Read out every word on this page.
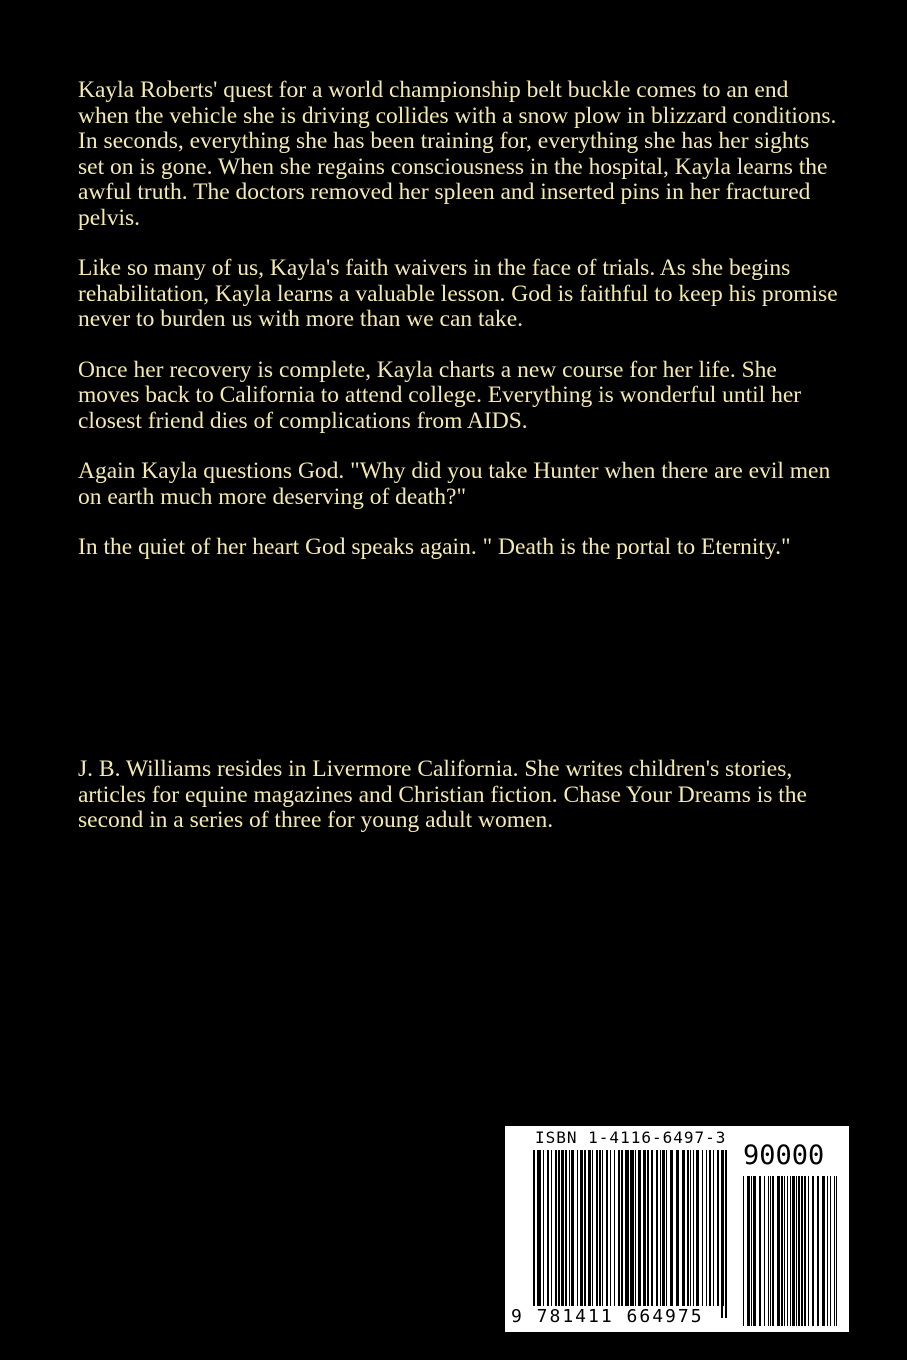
Kayla Roberts' quest for a world championship belt buckle comes to an end when the vehicle she is driving collides with a snow plow in blizzard conditions. In seconds, everything she has been training for, everything she has her sights set on is gone. When she regains consciousness in the hospital, Kayla learns the awful truth. The doctors removed her spleen and inserted pins in her fractured pelvis.

Like so many of us, Kayla's faith waivers in the face of trials. As she begins rehabilitation, Kayla learns a valuable lesson. God is faithful to keep his promise never to burden us with more than we can take.

Once her recovery is complete, Kayla charts a new course for her life. She moves back to California to attend college. Everything is wonderful until her closest friend dies of complications from AIDS.

Again Kayla questions God. "Why did you take Hunter when there are evil men on earth much more deserving of death?"

In the quiet of her heart God speaks again. " Death is the portal to Eternity."

J. B. Williams resides in Livermore California. She writes children's stories, articles for equine magazines and Christian fiction. Chase Your Dreams is the second in a series of three for young adult women.

ISBN 1-4116-6497-3
90000
9 781411 664975
